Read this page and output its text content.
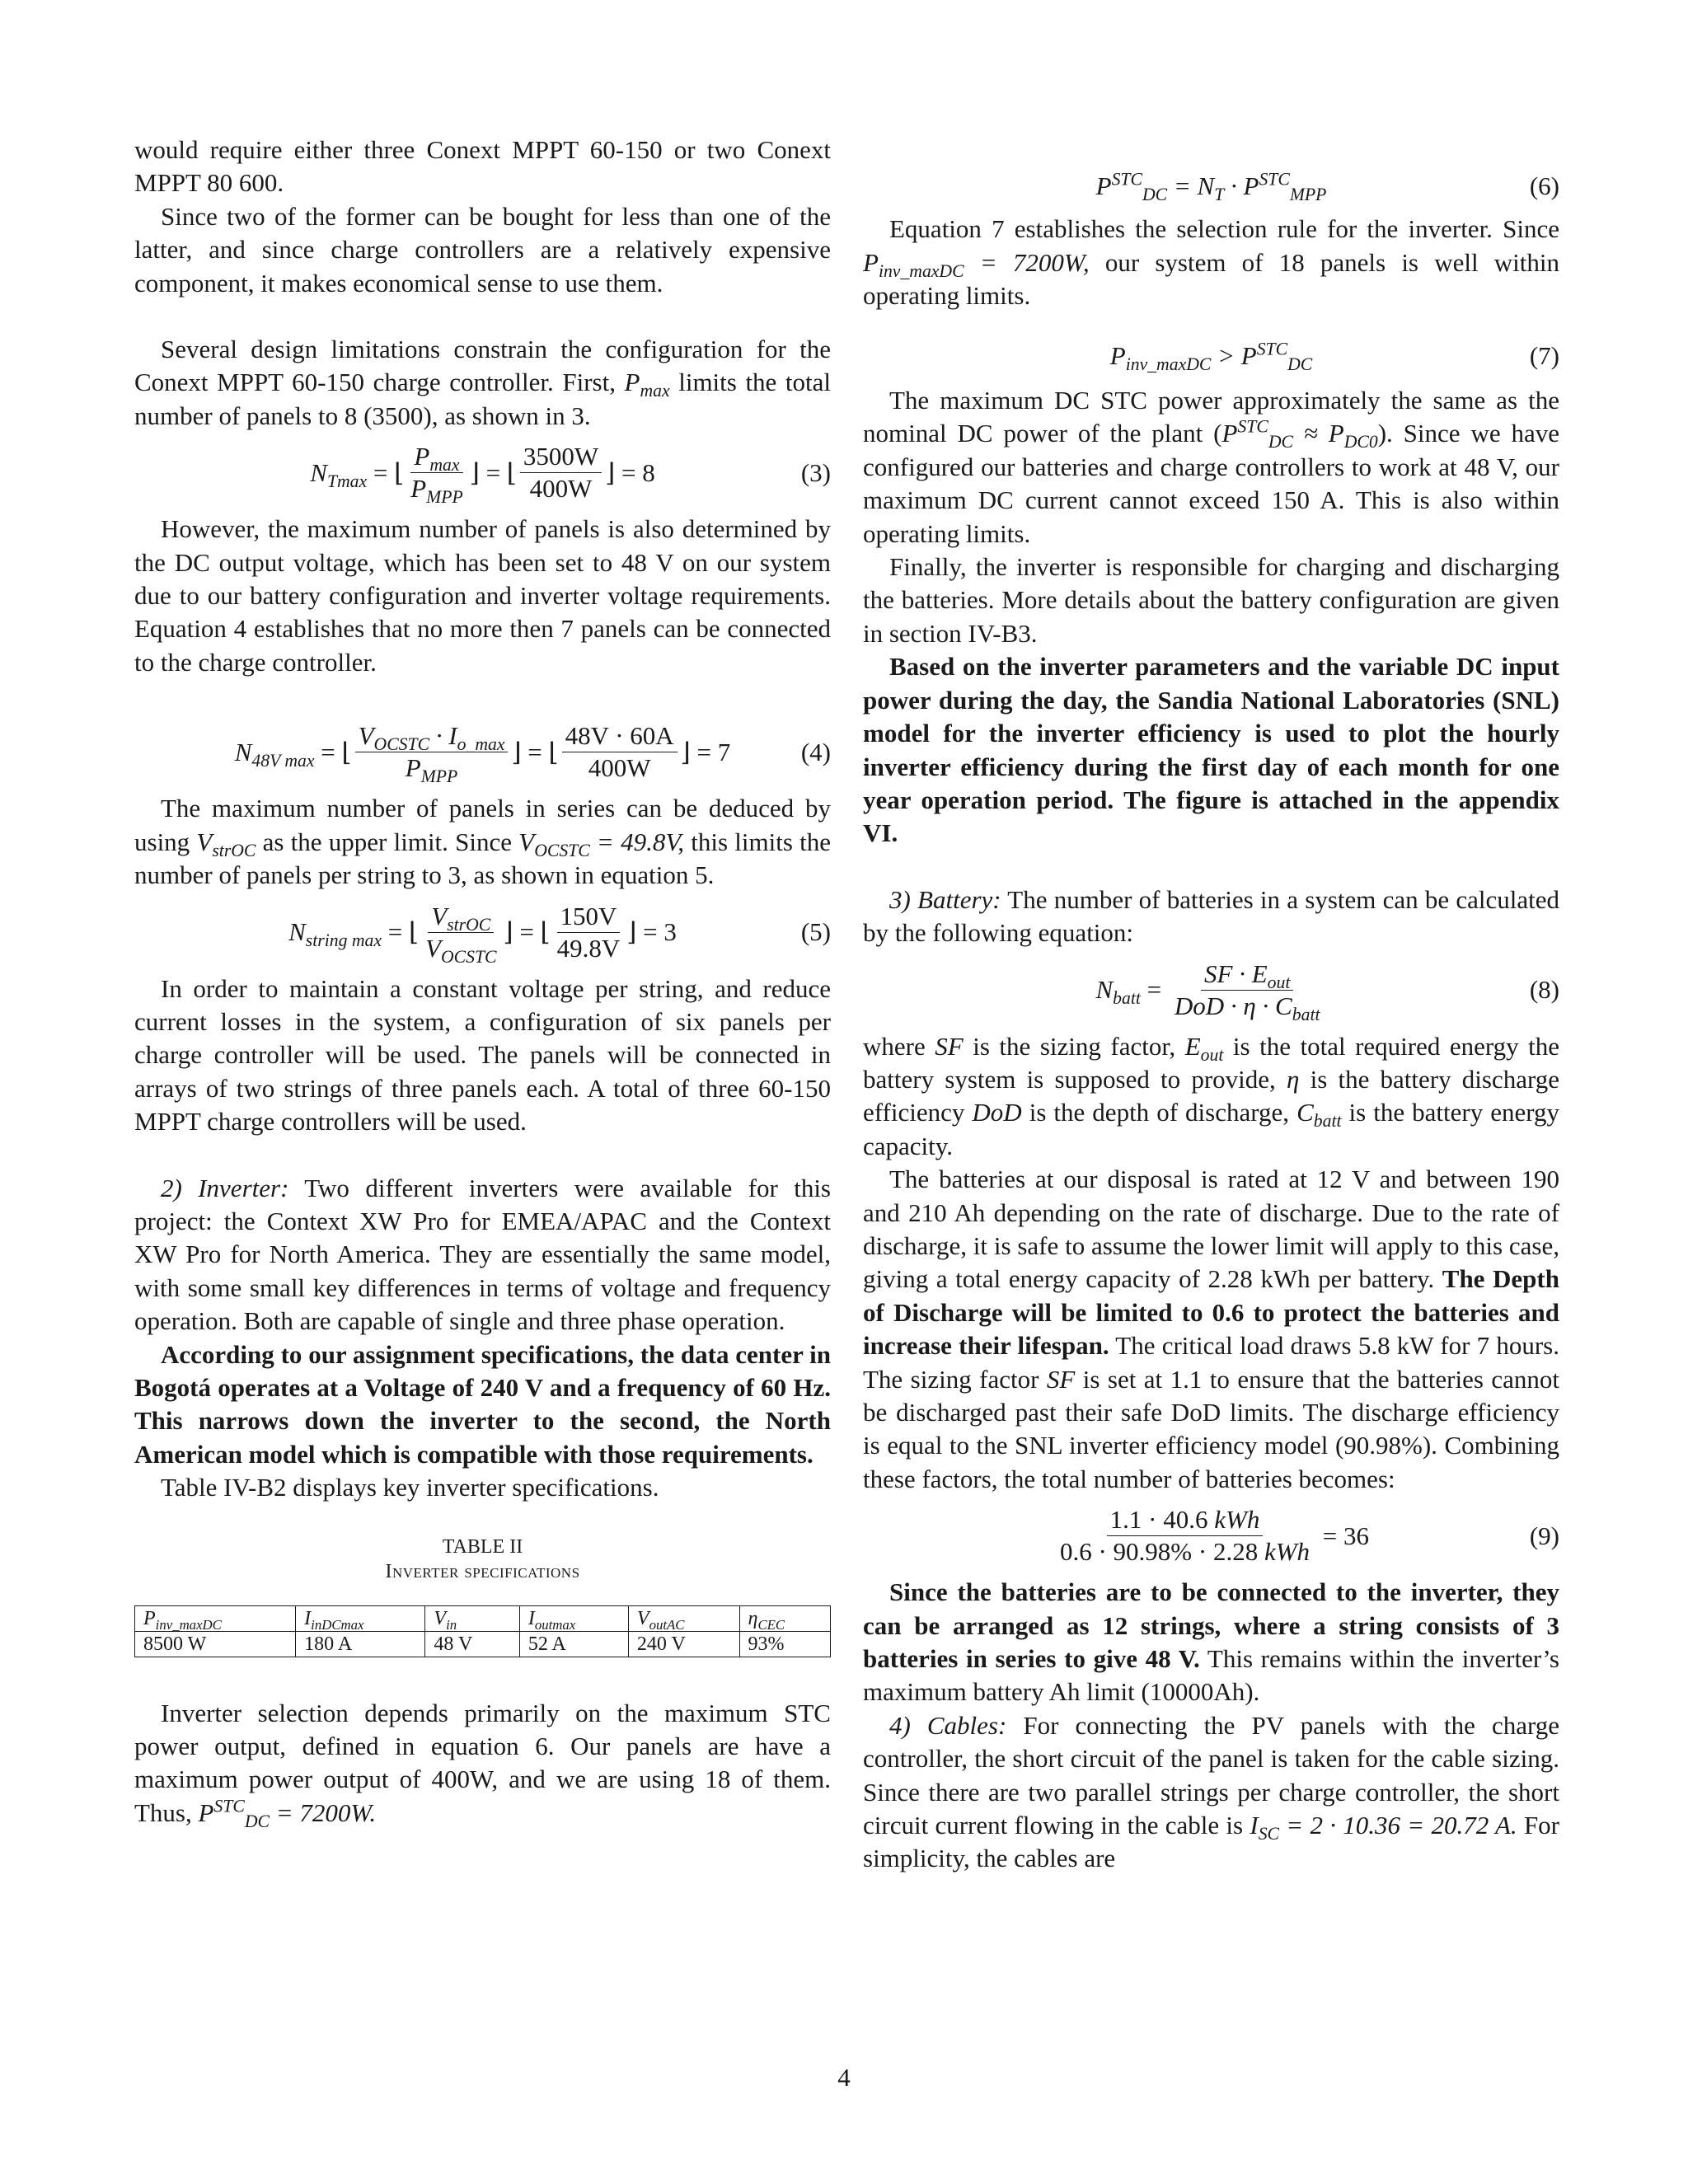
would require either three Conext MPPT 60-150 or two Conext MPPT 80 600.

Since two of the former can be bought for less than one of the latter, and since charge controllers are a relatively expensive component, it makes economical sense to use them.

Several design limitations constrain the configuration for the Conext MPPT 60-150 charge controller. First, $P_{max}$ limits the total number of panels to 8 (3500), as shown in 3.

$N_{Tmax}$ = ⌊ $\frac{P_{max}}{P_{MPP}}$ ⌋ = ⌊ $\frac{3500W}{400W}$ ⌋ = 8	(3)

However, the maximum number of panels is also determined by the DC output voltage, which has been set to 48 V on our system due to our battery configuration and inverter voltage requirements. Equation 4 establishes that no more then 7 panels can be connected to the charge controller.

$N_{48V max}$ = ⌊ $\frac{V_{OCSTC} \cdot I_{o\_max}}{P_{MPP}}$ ⌋ = ⌊ $\frac{48V \cdot 60A}{400W}$ ⌋ = 7	(4)

The maximum number of panels in series can be deduced by using $V_{strOC}$ as the upper limit. Since $V_{OCSTC} = 49.8V$, this limits the number of panels per string to 3, as shown in equation 5.

$N_{string max}$ = ⌊ $\frac{V_{strOC}}{V_{OCSTC}}$ ⌋ = ⌊ $\frac{150V}{49.8V}$ ⌋ = 3	(5)

In order to maintain a constant voltage per string, and reduce current losses in the system, a configuration of six panels per charge controller will be used. The panels will be connected in arrays of two strings of three panels each. A total of three 60-150 MPPT charge controllers will be used.

2) Inverter: Two different inverters were available for this project: the Context XW Pro for EMEA/APAC and the Context XW Pro for North America. They are essentially the same model, with some small key differences in terms of voltage and frequency operation. Both are capable of single and three phase operation.

According to our assignment specifications, the data center in Bogotá operates at a Voltage of 240 V and a frequency of 60 Hz. This narrows down the inverter to the second, the North American model which is compatible with those requirements.

Table IV-B2 displays key inverter specifications.

TABLE II
Inverter specifications
$P_{inv\_maxDC}$	$I_{inDCmax}$	$V_{in}$	$I_{outmax}$	$V_{outAC}$	$\eta_{CEC}$
8500 W	180 A	48 V	52 A	240 V	93%

Inverter selection depends primarily on the maximum STC power output, defined in equation 6. Our panels are have a maximum power output of 400W, and we are using 18 of them. Thus, $P^{STC}_{DC} = 7200W$.

$P^{STC}_{DC} = N_T \cdot P^{STC}_{MPP}$	(6)

Equation 7 establishes the selection rule for the inverter. Since $P_{inv\_maxDC} = 7200W$, our system of 18 panels is well within operating limits.

$P_{inv\_maxDC} > P^{STC}_{DC}$	(7)

The maximum DC STC power approximately the same as the nominal DC power of the plant $(P^{STC}_{DC} \approx P_{DC0})$. Since we have configured our batteries and charge controllers to work at 48 V, our maximum DC current cannot exceed 150 A. This is also within operating limits.

Finally, the inverter is responsible for charging and discharging the batteries. More details about the battery configuration are given in section IV-B3.

Based on the inverter parameters and the variable DC input power during the day, the Sandia National Laboratories (SNL) model for the inverter efficiency is used to plot the hourly inverter efficiency during the first day of each month for one year operation period. The figure is attached in the appendix VI.

3) Battery: The number of batteries in a system can be calculated by the following equation:

$N_{batt} = \frac{SF \cdot E_{out}}{DoD \cdot \eta \cdot C_{batt}}$	(8)

where SF is the sizing factor, $E_{out}$ is the total required energy the battery system is supposed to provide, η is the battery discharge efficiency DoD is the depth of discharge, $C_{batt}$ is the battery energy capacity.

The batteries at our disposal is rated at 12 V and between 190 and 210 Ah depending on the rate of discharge. Due to the rate of discharge, it is safe to assume the lower limit will apply to this case, giving a total energy capacity of 2.28 kWh per battery. The Depth of Discharge will be limited to 0.6 to protect the batteries and increase their lifespan. The critical load draws 5.8 kW for 7 hours. The sizing factor SF is set at 1.1 to ensure that the batteries cannot be discharged past their safe DoD limits. The discharge efficiency is equal to the SNL inverter efficiency model (90.98%). Combining these factors, the total number of batteries becomes:

$\frac{\text{1.1 · 40.6 kWh}}{\text{0.6 · 90.98\% · 2.28 kWh}}$
= 36	(9)

Since the batteries are to be connected to the inverter, they can be arranged as 12 strings, where a string consists of 3 batteries in series to give 48 V. This remains within the inverter’s maximum battery Ah limit (10000Ah).

4) Cables: For connecting the PV panels with the charge controller, the short circuit of the panel is taken for the cable sizing. Since there are two parallel strings per charge controller, the short circuit current flowing in the cable is $I_{SC} = 2 \cdot 10.36 = 20.72$ A. For simplicity, the cables are

4
